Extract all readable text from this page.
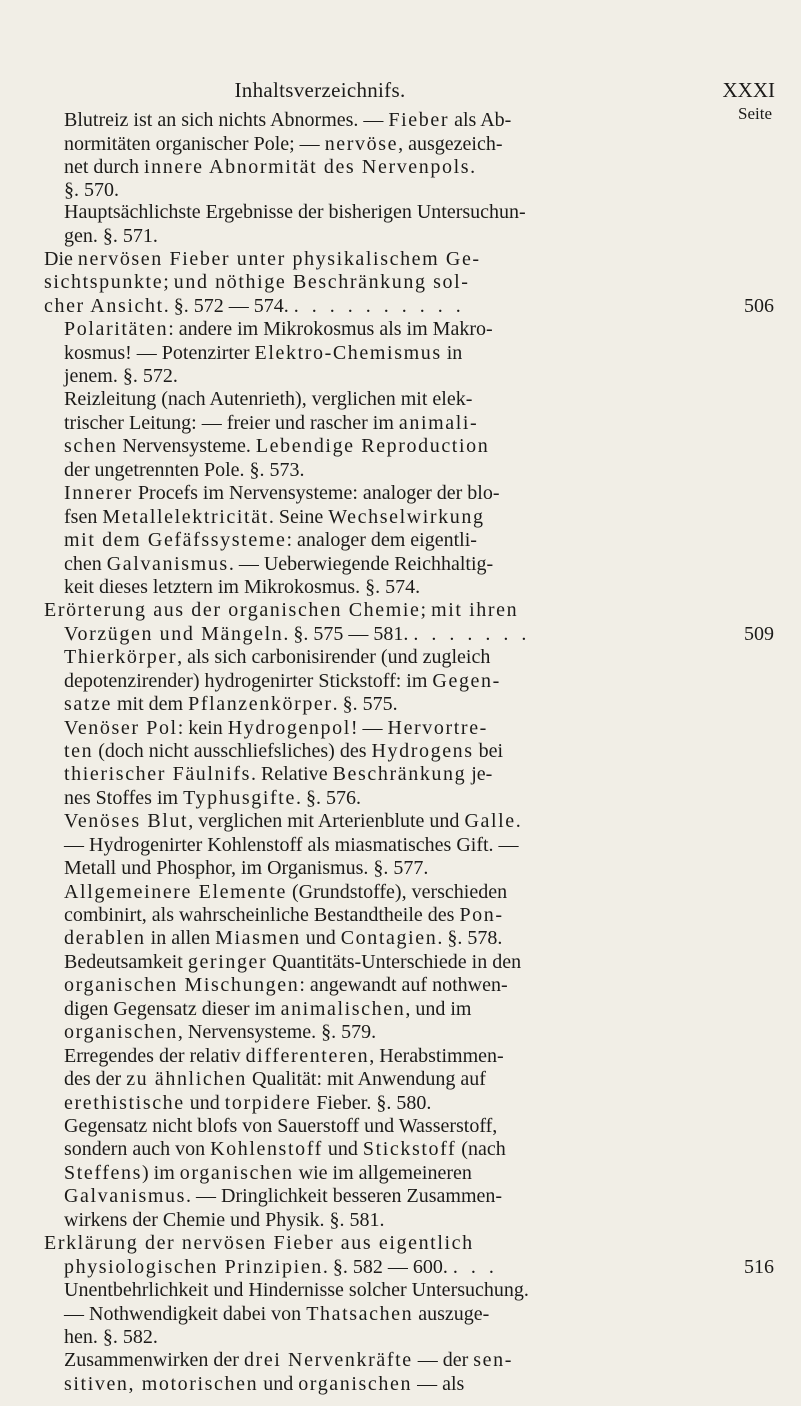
Inhaltsverzeichnifs.	XXXI
Seite
Blutreiz ist an sich nichts Abnormes. — Fieber als Ab-
normitäten organischer Pole; — nervöse, ausgezeich-
net durch innere Abnormität des Nervenpols.
§. 570.
Hauptsächlichste Ergebnisse der bisherigen Untersuchun-
gen. §. 571.
Die nervösen Fieber unter physikalischem Ge-
sichtspunkte; und nöthige Beschränkung sol-
cher Ansicht. §. 572 — 574. . . . . . . . . . .	506
Polaritäten: andere im Mikrokosmus als im Makro-
kosmus! — Potenzirter Elektro-Chemismus in
jenem. §. 572.
Reizleitung (nach Autenrieth), verglichen mit elek-
trischer Leitung: — freier und rascher im animali-
schen Nervensysteme. Lebendige Reproduction
der ungetrennten Pole. §. 573.
Innerer Procefs im Nervensysteme: analoger der blo-
fsen Metallelektricität. Seine Wechselwirkung
mit dem Gefäfssysteme: analoger dem eigentli-
chen Galvanismus. — Ueberwiegende Reichhaltig-
keit dieses letztern im Mikrokosmus. §. 574.
Erörterung aus der organischen Chemie; mit ihren
Vorzügen und Mängeln. §. 575 — 581. . . . . . . .	509
Thierkörper, als sich carbonisirender (und zugleich
depotenzirender) hydrogenirter Stickstoff: im Gegen-
satze mit dem Pflanzenkörper. §. 575.
Venöser Pol: kein Hydrogenpol! — Hervortre-
ten (doch nicht ausschliefsliches) des Hydrogens bei
thierischer Fäulnifs. Relative Beschränkung je-
nes Stoffes im Typhusgifte. §. 576.
Venöses Blut, verglichen mit Arterienblute und Galle.
— Hydrogenirter Kohlenstoff als miasmatisches Gift. —
Metall und Phosphor, im Organismus. §. 577.
Allgemeinere Elemente (Grundstoffe), verschieden
combinirt, als wahrscheinliche Bestandtheile des Pon-
derablen in allen Miasmen und Contagien. §. 578.
Bedeutsamkeit geringer Quantitäts-Unterschiede in den
organischen Mischungen: angewandt auf nothwen-
digen Gegensatz dieser im animalischen, und im
organischen, Nervensysteme. §. 579.
Erregendes der relativ differenteren, Herabstimmen-
des der zu ähnlichen Qualität: mit Anwendung auf
erethistische und torpidere Fieber. §. 580.
Gegensatz nicht blofs von Sauerstoff und Wasserstoff,
sondern auch von Kohlenstoff und Stickstoff (nach
Steffens) im organischen wie im allgemeineren
Galvanismus. — Dringlichkeit besseren Zusammen-
wirkens der Chemie und Physik. §. 581.
Erklärung der nervösen Fieber aus eigentlich
physiologischen Prinzipien. §. 582 — 600. . . .	516
Unentbehrlichkeit und Hindernisse solcher Untersuchung.
— Nothwendigkeit dabei von Thatsachen auszuge-
hen. §. 582.
Zusammenwirken der drei Nervenkräfte — der sen-
sitiven, motorischen und organischen — als
